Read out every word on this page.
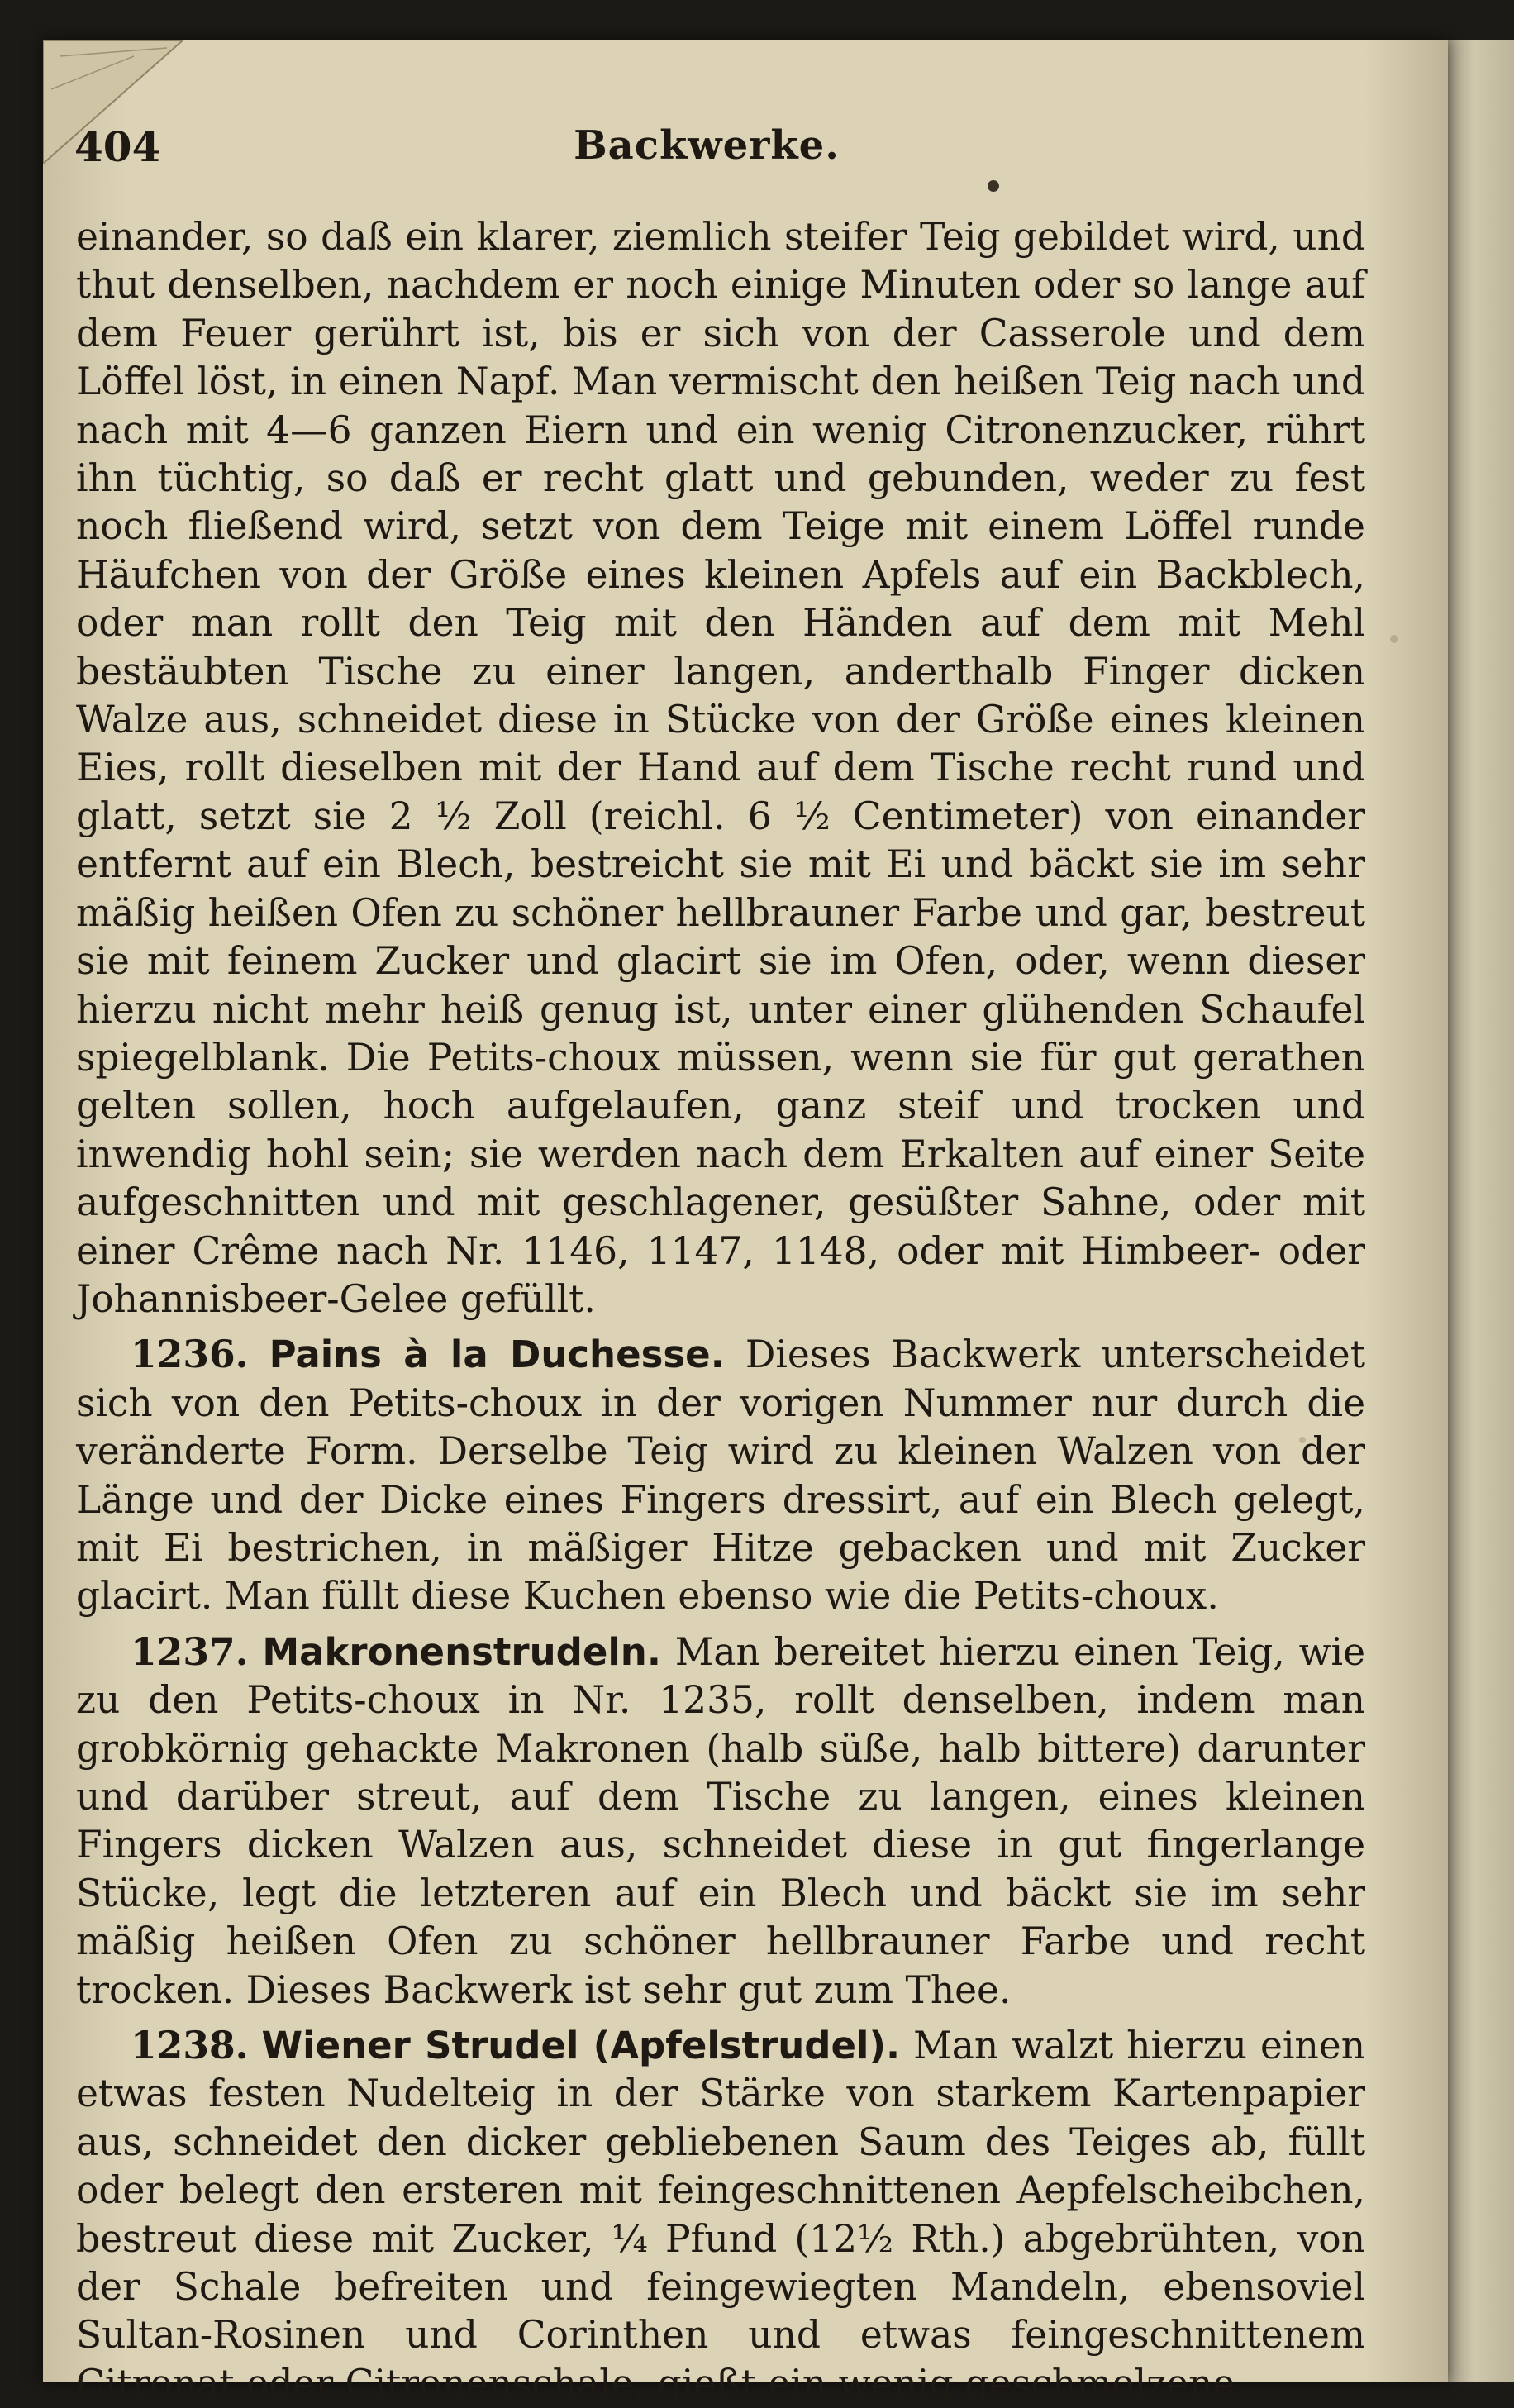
404	Backwerke.

einander, so daß ein klarer, ziemlich steifer Teig gebildet wird, und thut denselben, nachdem er noch einige Minuten oder so lange auf dem Feuer gerührt ist, bis er sich von der Casserole und dem Löffel löst, in einen Napf. Man vermischt den heißen Teig nach und nach mit 4—6 ganzen Eiern und ein wenig Citronenzucker, rührt ihn tüchtig, so daß er recht glatt und gebunden, weder zu fest noch fließend wird, setzt von dem Teige mit einem Löffel runde Häufchen von der Größe eines kleinen Apfels auf ein Backblech, oder man rollt den Teig mit den Händen auf dem mit Mehl bestäubten Tische zu einer langen, anderthalb Finger dicken Walze aus, schneidet diese in Stücke von der Größe eines kleinen Eies, rollt dieselben mit der Hand auf dem Tische recht rund und glatt, setzt sie 2 ½ Zoll (reichl. 6 ½ Centimeter) von einander entfernt auf ein Blech, bestreicht sie mit Ei und bäckt sie im sehr mäßig heißen Ofen zu schöner hellbrauner Farbe und gar, bestreut sie mit feinem Zucker und glacirt sie im Ofen, oder, wenn dieser hierzu nicht mehr heiß genug ist, unter einer glühenden Schaufel spiegelblank. Die Petits-choux müssen, wenn sie für gut gerathen gelten sollen, hoch aufgelaufen, ganz steif und trocken und inwendig hohl sein; sie werden nach dem Erkalten auf einer Seite aufgeschnitten und mit geschlagener, gesüßter Sahne, oder mit einer Crême nach Nr. 1146, 1147, 1148, oder mit Himbeer- oder Johannisbeer-Gelee gefüllt.

1236. Pains à la Duchesse. Dieses Backwerk unterscheidet sich von den Petits-choux in der vorigen Nummer nur durch die veränderte Form. Derselbe Teig wird zu kleinen Walzen von der Länge und der Dicke eines Fingers dressirt, auf ein Blech gelegt, mit Ei bestrichen, in mäßiger Hitze gebacken und mit Zucker glacirt. Man füllt diese Kuchen ebenso wie die Petits-choux.

1237. Makronenstrudeln. Man bereitet hierzu einen Teig, wie zu den Petits-choux in Nr. 1235, rollt denselben, indem man grobkörnig gehackte Makronen (halb süße, halb bittere) darunter und darüber streut, auf dem Tische zu langen, eines kleinen Fingers dicken Walzen aus, schneidet diese in gut fingerlange Stücke, legt die letzteren auf ein Blech und bäckt sie im sehr mäßig heißen Ofen zu schöner hellbrauner Farbe und recht trocken. Dieses Backwerk ist sehr gut zum Thee.

1238. Wiener Strudel (Apfelstrudel). Man walzt hierzu einen etwas festen Nudelteig in der Stärke von starkem Kartenpapier aus, schneidet den dicker gebliebenen Saum des Teiges ab, füllt oder belegt den ersteren mit feingeschnittenen Aepfelscheibchen, bestreut diese mit Zucker, ¼ Pfund (12½ Rth.) abgebrühten, von der Schale befreiten und feingewiegten Mandeln, ebensoviel Sultan-Rosinen und Corinthen und etwas feingeschnittenem Citronat oder Citronenschale, gießt ein wenig geschmolzene
